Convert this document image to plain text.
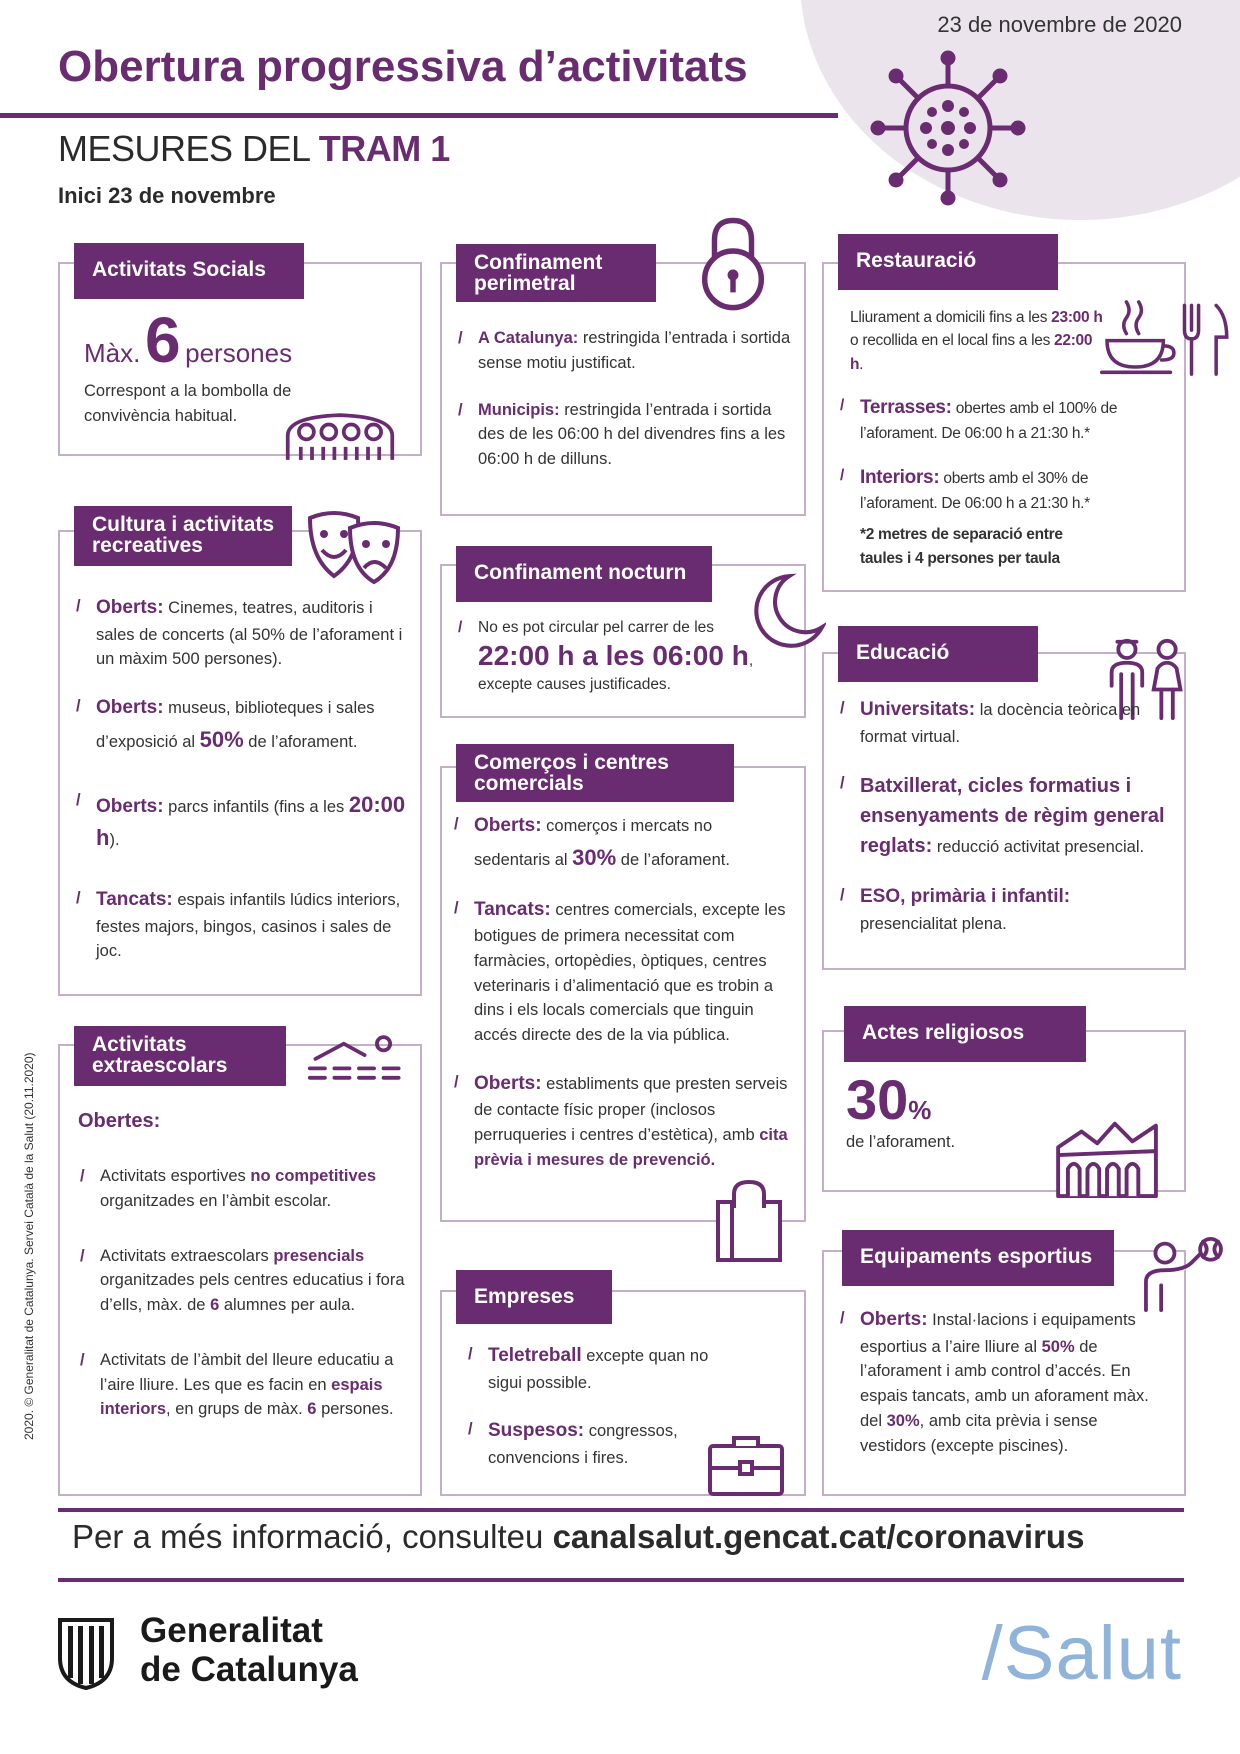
23 de novembre de 2020
Obertura progressiva d’activitats
MESURES DEL TRAM 1
Inici 23 de novembre
Activitats Socials
Màx. 6 persones
Correspont a la bombolla de convivència habitual.
Cultura i activitats recreatives
/ Oberts: Cinemes, teatres, auditoris i sales de concerts (al 50% de l’aforament i un màxim 500 persones).
/ Oberts: museus, biblioteques i sales d’exposició al 50% de l’aforament.
/ Oberts: parcs infantils (fins a les 20:00 h).
/ Tancats: espais infantils lúdics interiors, festes majors, bingos, casinos i sales de joc.
Activitats extraescolars
Obertes:
/ Activitats esportives no competitives organitzades en l’àmbit escolar.
/ Activitats extraescolars presencials organitzades pels centres educatius i fora d’ells, màx. de 6 alumnes per aula.
/ Activitats de l’àmbit del lleure educatiu a l’aire lliure. Les que es facin en espais interiors, en grups de màx. 6 persones.
Confinament perimetral
/ A Catalunya: restringida l’entrada i sortida sense motiu justificat.
/ Municipis: restringida l’entrada i sortida des de les 06:00 h del divendres fins a les 06:00 h de dilluns.
Confinament nocturn
/ No es pot circular pel carrer de les
22:00 h a les 06:00 h,
excepte causes justificades.
Comerços i centres comercials
/ Oberts: comerços i mercats no sedentaris al 30% de l’aforament.
/ Tancats: centres comercials, excepte les botigues de primera necessitat com farmàcies, ortopèdies, òptiques, centres veterinaris i d’alimentació que es trobin a dins i els locals comercials que tinguin accés directe des de la via pública.
/ Oberts: establiments que presten serveis de contacte físic proper (inclosos perruqueries i centres d’estètica), amb cita prèvia i mesures de prevenció.
Empreses
/ Teletreball excepte quan no sigui possible.
/ Suspesos: congressos, convencions i fires.
Restauració
Lliurament a domicili fins a les 23:00 h o recollida en el local fins a les 22:00 h.
/ Terrasses: obertes amb el 100% de l’aforament. De 06:00 h a 21:30 h.*
/ Interiors: oberts amb el 30% de l’aforament. De 06:00 h a 21:30 h.*
*2 metres de separació entre taules i 4 persones per taula
Educació
/ Universitats: la docència teòrica en format virtual.
/ Batxillerat, cicles formatius i ensenyaments de règim general reglats: reducció activitat presencial.
/ ESO, primària i infantil: presencialitat plena.
Actes religiosos
30%
de l’aforament.
Equipaments esportius
/ Oberts: Instal·lacions i equipaments esportius a l’aire lliure al 50% de l’aforament i amb control d’accés. En espais tancats, amb un aforament màx. del 30%, amb cita prèvia i sense vestidors (excepte piscines).
Per a més informació, consulteu canalsalut.gencat.cat/coronavirus
Generalitat
de Catalunya	/Salut
2020. © Generalitat de Catalunya. Servei Català de la Salut (20.11.2020)
